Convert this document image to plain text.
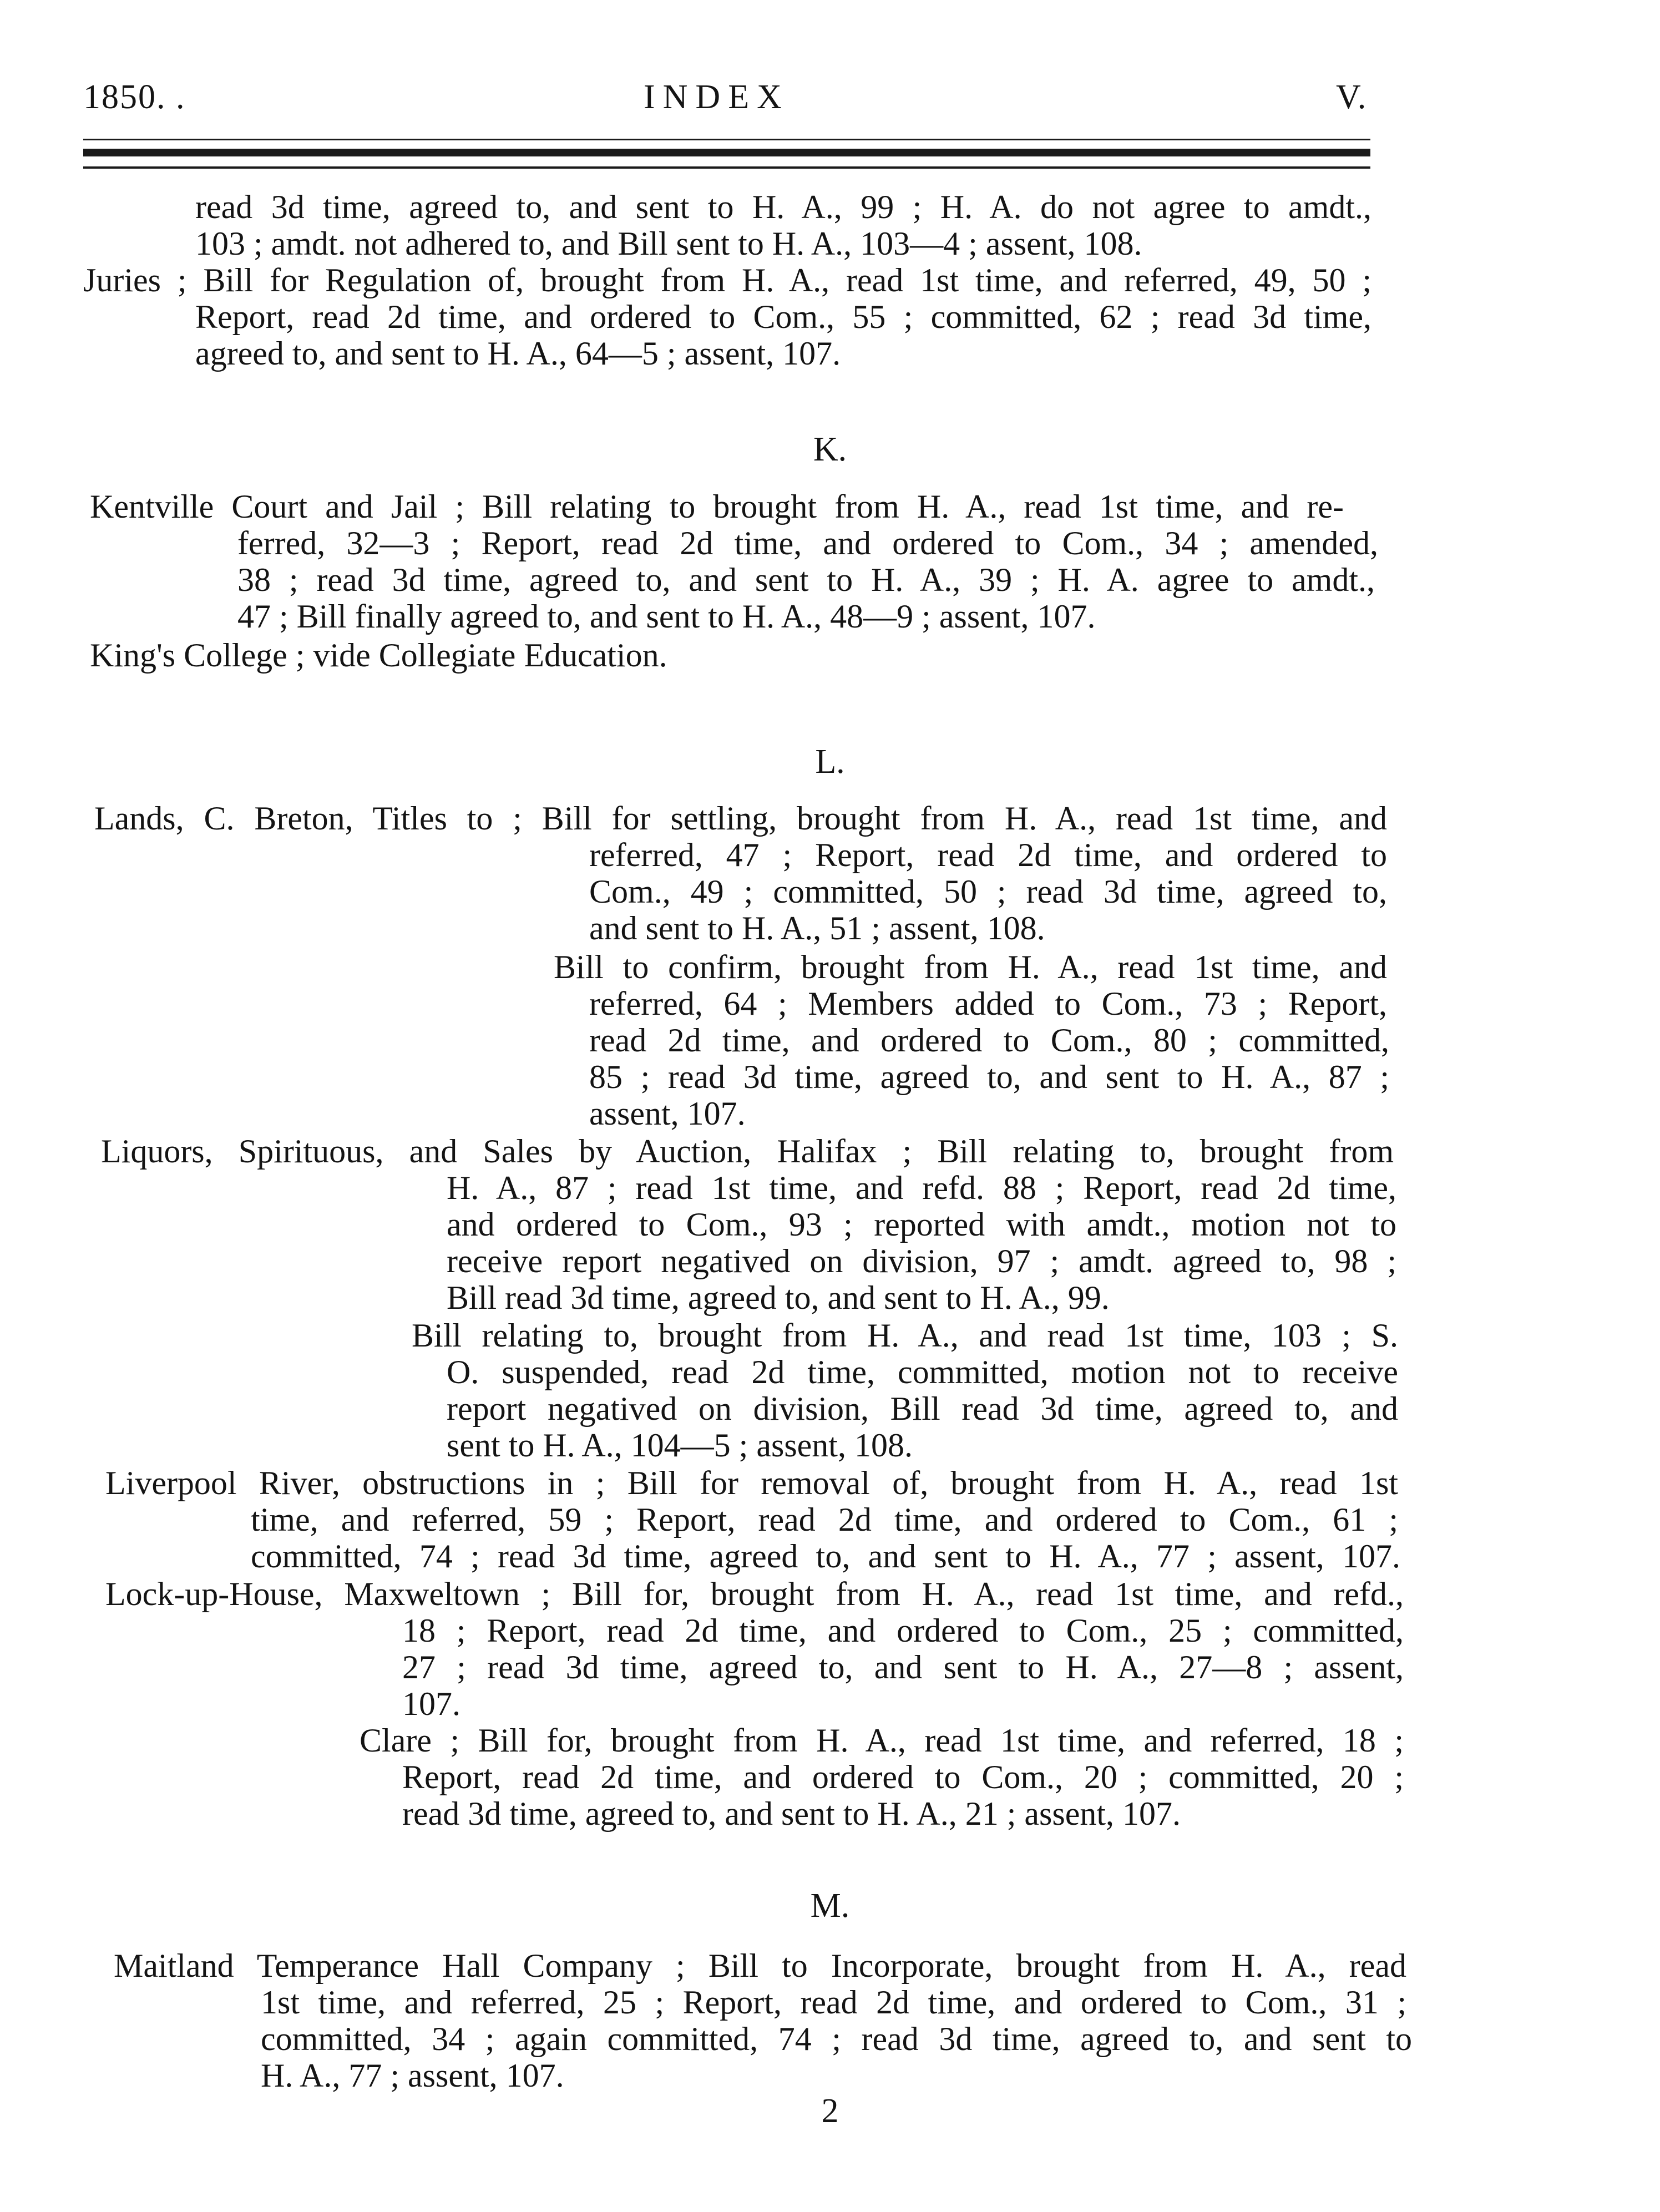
1850. .	INDEX	V.
read 3d time, agreed to, and sent to H. A., 99 ; H. A. do not agree to amdt.,
103 ; amdt. not adhered to, and Bill sent to H. A., 103—4 ; assent, 108.
Juries ; Bill for Regulation of, brought from H. A., read 1st time, and referred, 49, 50 ;
Report, read 2d time, and ordered to Com., 55 ; committed, 62 ; read 3d time,
agreed to, and sent to H. A., 64—5 ; assent, 107.
K.
Kentville Court and Jail ; Bill relating to brought from H. A., read 1st time, and re-
ferred, 32—3 ; Report, read 2d time, and ordered to Com., 34 ; amended,
38 ; read 3d time, agreed to, and sent to H. A., 39 ; H. A. agree to amdt.,
47 ; Bill finally agreed to, and sent to H. A., 48—9 ; assent, 107.
King's College ; vide Collegiate Education.
L.
Lands, C. Breton, Titles to ; Bill for settling, brought from H. A., read 1st time, and
referred, 47 ; Report, read 2d time, and ordered to
Com., 49 ; committed, 50 ; read 3d time, agreed to,
and sent to H. A., 51 ; assent, 108.
Bill to confirm, brought from H. A., read 1st time, and
referred, 64 ; Members added to Com., 73 ; Report,
read 2d time, and ordered to Com., 80 ; committed,
85 ; read 3d time, agreed to, and sent to H. A., 87 ;
assent, 107.
Liquors, Spirituous, and Sales by Auction, Halifax ; Bill relating to, brought from
H. A., 87 ; read 1st time, and refd. 88 ; Report, read 2d time,
and ordered to Com., 93 ; reported with amdt., motion not to
receive report negatived on division, 97 ; amdt. agreed to, 98 ;
Bill read 3d time, agreed to, and sent to H. A., 99.
Bill relating to, brought from H. A., and read 1st time, 103 ; S.
O. suspended, read 2d time, committed, motion not to receive
report negatived on division, Bill read 3d time, agreed to, and
sent to H. A., 104—5 ; assent, 108.
Liverpool River, obstructions in ; Bill for removal of, brought from H. A., read 1st
time, and referred, 59 ; Report, read 2d time, and ordered to Com., 61 ;
committed, 74 ; read 3d time, agreed to, and sent to H. A., 77 ; assent, 107.
Lock-up-House, Maxweltown ; Bill for, brought from H. A., read 1st time, and refd.,
18 ; Report, read 2d time, and ordered to Com., 25 ; committed,
27 ; read 3d time, agreed to, and sent to H. A., 27—8 ; assent,
107.
Clare ; Bill for, brought from H. A., read 1st time, and referred, 18 ;
Report, read 2d time, and ordered to Com., 20 ; committed, 20 ;
read 3d time, agreed to, and sent to H. A., 21 ; assent, 107.
M.
Maitland Temperance Hall Company ; Bill to Incorporate, brought from H. A., read
1st time, and referred, 25 ; Report, read 2d time, and ordered to Com., 31 ;
committed, 34 ; again committed, 74 ; read 3d time, agreed to, and sent to
H. A., 77 ; assent, 107.
2
